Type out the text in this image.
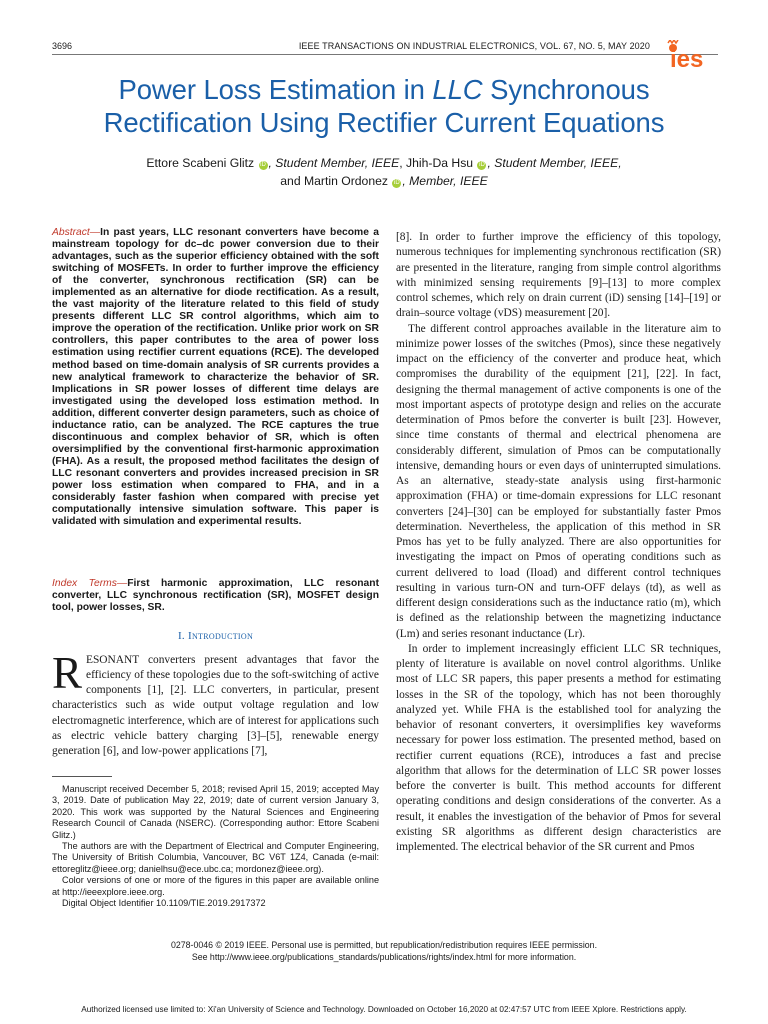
3696	IEEE TRANSACTIONS ON INDUSTRIAL ELECTRONICS, VOL. 67, NO. 5, MAY 2020 ies
Power Loss Estimation in LLC Synchronous
Rectification Using Rectifier Current Equations
Ettore Scabeni Glitz iD , Student Member, IEEE, Jhih-Da Hsu iD , Student Member, IEEE,
and Martin Ordonez iD , Member, IEEE
Abstract—In past years, LLC resonant converters have become a mainstream topology for dc–dc power conversion due to their advantages, such as the superior efficiency obtained with the soft switching of MOSFETs. In order to further improve the efficiency of the converter, synchronous rectification (SR) can be implemented as an alternative for diode rectification. As a result, the vast majority of the literature related to this field of study presents different LLC SR control algorithms, which aim to improve the operation of the rectification. Unlike prior work on SR controllers, this paper contributes to the area of power loss estimation using rectifier current equations (RCE). The developed method based on time-domain analysis of SR currents provides a new analytical framework to characterize the behavior of SR. Implications in SR power losses of different time delays are investigated using the developed loss estimation method. In addition, different converter design parameters, such as choice of inductance ratio, can be analyzed. The RCE captures the true discontinuous and complex behavior of SR, which is often oversimplified by the conventional first-harmonic approximation (FHA). As a result, the proposed method facilitates the design of LLC resonant converters and provides increased precision in SR power loss estimation when compared to FHA, and in a considerably faster fashion when compared with precise yet computationally intensive simulation software. This paper is validated with simulation and experimental results.
Index Terms—First harmonic approximation, LLC resonant converter, LLC synchronous rectification (SR), MOSFET design tool, power losses, SR.
I. Introduction
RESONANT converters present advantages that favor the efficiency of these topologies due to the soft-switching of active components [1], [2]. LLC converters, in particular, present characteristics such as wide output voltage regulation and low electromagnetic interference, which are of interest for applications such as electric vehicle battery charging [3]–[5], renewable energy generation [6], and low-power applications [7],

Manuscript received December 5, 2018; revised April 15, 2019; accepted May 3, 2019. Date of publication May 22, 2019; date of current version January 3, 2020. This work was supported by the Natural Sciences and Engineering Research Council of Canada (NSERC). (Corresponding author: Ettore Scabeni Glitz.)

The authors are with the Department of Electrical and Computer Engineering, The University of British Columbia, Vancouver, BC V6T 1Z4, Canada (e-mail: ettoreglitz@ieee.org; danielhsu@ece.ubc.ca; mordonez@ieee.org).

Color versions of one or more of the figures in this paper are available online at http://ieeexplore.ieee.org.

Digital Object Identifier 10.1109/TIE.2019.2917372

[8]. In order to further improve the efficiency of this topology, numerous techniques for implementing synchronous rectification (SR) are presented in the literature, ranging from simple control algorithms with minimized sensing requirements [9]–[13] to more complex control schemes, which rely on drain current (iD) sensing [14]–[19] or drain–source voltage (vDS) measurement [20].

The different control approaches available in the literature aim to minimize power losses of the switches (Pmos), since these negatively impact on the efficiency of the converter and produce heat, which compromises the durability of the equipment [21], [22]. In fact, designing the thermal management of active components is one of the most important aspects of prototype design and relies on the accurate determination of Pmos before the converter is built [23]. However, since time constants of thermal and electrical phenomena are considerably different, simulation of Pmos can be computationally intensive, demanding hours or even days of uninterrupted simulations. As an alternative, steady-state analysis using first-harmonic approximation (FHA) or time-domain expressions for LLC resonant converters [24]–[30] can be employed for substantially faster Pmos determination. Nevertheless, the application of this method in SR Pmos has yet to be fully analyzed. There are also opportunities for investigating the impact on Pmos of operating conditions such as current delivered to load (Iload) and different control techniques resulting in various turn-ON and turn-OFF delays (td), as well as different design considerations such as the inductance ratio (m), which is defined as the relationship between the magnetizing inductance (Lm) and series resonant inductance (Lr).

In order to implement increasingly efficient LLC SR techniques, plenty of literature is available on novel control algorithms. Unlike most of LLC SR papers, this paper presents a method for estimating losses in the SR of the topology, which has not been thoroughly analyzed yet. While FHA is the established tool for analyzing the behavior of resonant converters, it oversimplifies key waveforms necessary for power loss estimation. The presented method, based on rectifier current equations (RCE), introduces a fast and precise algorithm that allows for the determination of LLC SR power losses before the converter is built. This method accounts for different operating conditions and design considerations of the converter. As a result, it enables the investigation of the behavior of Pmos for several existing SR algorithms as different design characteristics are implemented. The electrical behavior of the SR current and Pmos

0278-0046 © 2019 IEEE. Personal use is permitted, but republication/redistribution requires IEEE permission.
See http://www.ieee.org/publications_standards/publications/rights/index.html for more information.
Authorized licensed use limited to: Xi'an University of Science and Technology. Downloaded on October 16,2020 at 02:47:57 UTC from IEEE Xplore. Restrictions apply.
